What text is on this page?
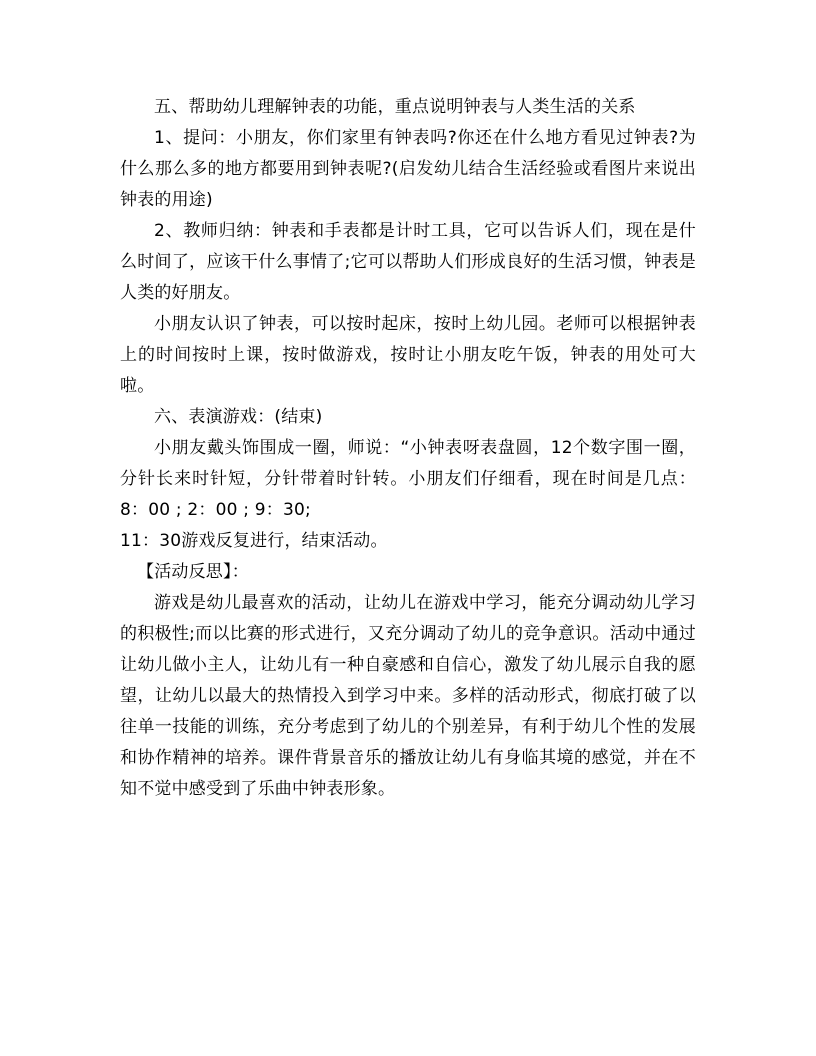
五、帮助幼儿理解钟表的功能，重点说明钟表与人类生活的关系

1、提问：小朋友，你们家里有钟表吗?你还在什么地方看见过钟表?为什么那么多的地方都要用到钟表呢?(启发幼儿结合生活经验或看图片来说出钟表的用途)

2、教师归纳：钟表和手表都是计时工具，它可以告诉人们，现在是什么时间了，应该干什么事情了;它可以帮助人们形成良好的生活习惯，钟表是人类的好朋友。

小朋友认识了钟表，可以按时起床，按时上幼儿园。老师可以根据钟表上的时间按时上课，按时做游戏，按时让小朋友吃午饭，钟表的用处可大啦。

六、表演游戏：(结束)

小朋友戴头饰围成一圈，师说：“小钟表呀表盘圆，12个数字围一圈，分针长来时针短，分针带着时针转。小朋友们仔细看，现在时间是几点：8：00 ; 2：00 ; 9：30;

11：30游戏反复进行，结束活动。

【活动反思】：

游戏是幼儿最喜欢的活动，让幼儿在游戏中学习，能充分调动幼儿学习的积极性;而以比赛的形式进行，又充分调动了幼儿的竞争意识。活动中通过让幼儿做小主人，让幼儿有一种自豪感和自信心，激发了幼儿展示自我的愿望，让幼儿以最大的热情投入到学习中来。多样的活动形式，彻底打破了以往单一技能的训练，充分考虑到了幼儿的个别差异，有利于幼儿个性的发展和协作精神的培养。课件背景音乐的播放让幼儿有身临其境的感觉，并在不知不觉中感受到了乐曲中钟表形象。
